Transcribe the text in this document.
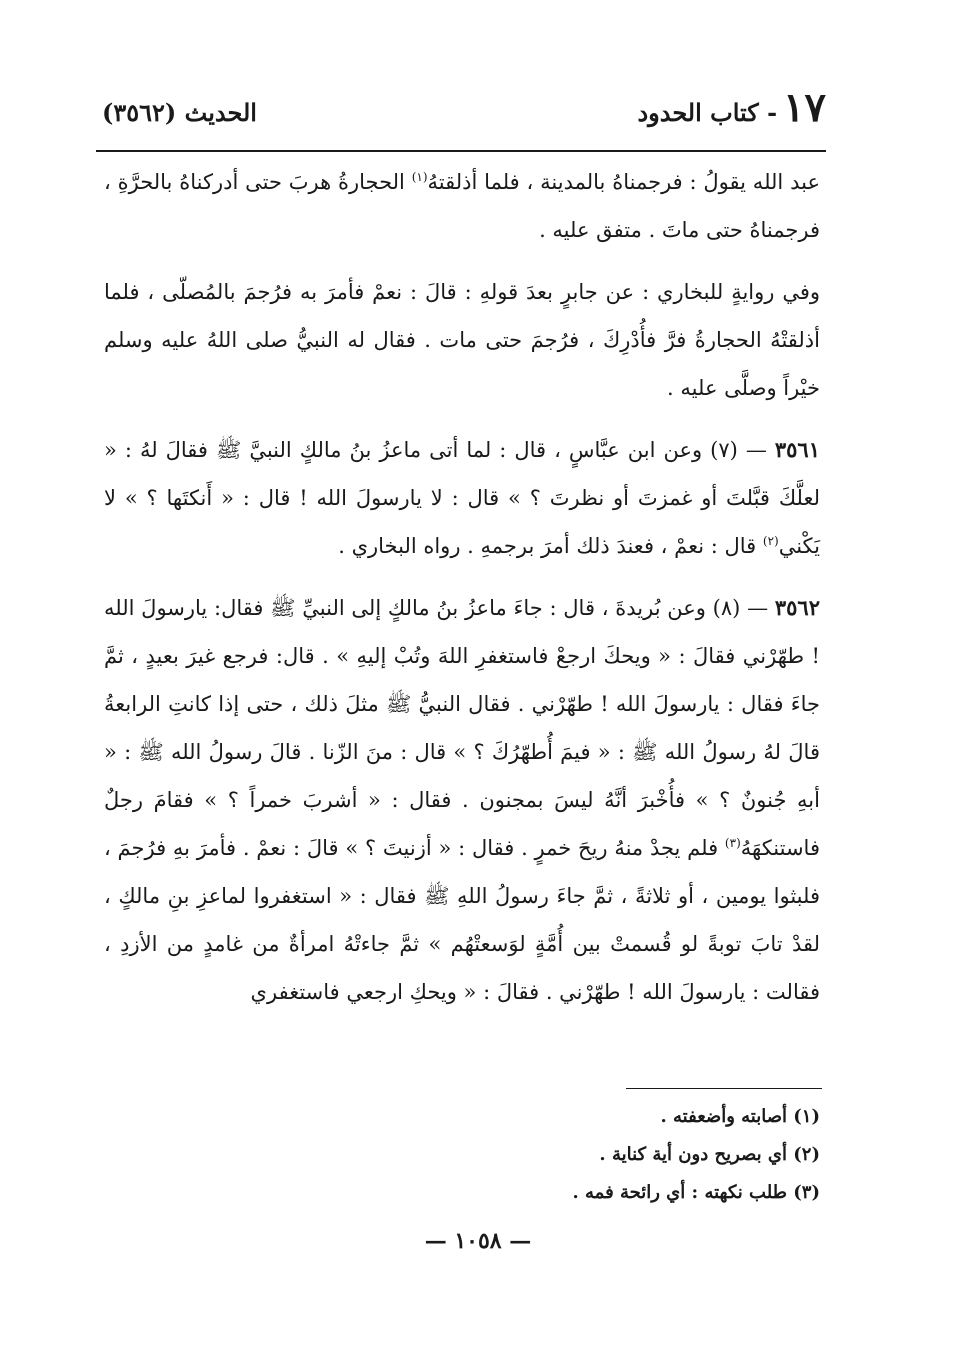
١٧
- كتاب الحدود
الحديث (٣٥٦٢)

عبد الله يقولُ : فرجمناهُ بالمدينة ، فلما أذلقتهُ$^{(١)}$ الحجارةُ هربَ حتى أدركناهُ بالحرَّةِ ، فرجمناهُ حتى ماتَ . متفق عليه .

وفي روايةٍ للبخاري : عن جابرٍ بعدَ قولهِ : قالَ : نعمْ فأمرَ به فرُجمَ بالمُصلّى ، فلما أذلقتْهُ الحجارةُ فرَّ فأُدْرِكَ ، فرُجمَ حتى مات . فقال له النبيُّ صلى اللهُ عليه وسلم خيْراً وصلَّى عليه .

٣٥٦١ — (٧) وعن ابن عبَّاسٍ ، قال : لما أتى ماعزُ بنُ مالكٍ النبيَّ ﷺ فقالَ لهُ : « لعلَّكَ قبَّلتَ أو غمزتَ أو نظرتَ ؟ » قال : لا يارسولَ الله ! قال : « أَنكتَها ؟ » لا يَكْني$^{(٢)}$ قال : نعمْ ، فعندَ ذلك أمرَ برجمهِ . رواه البخاري .

٣٥٦٢ — (٨) وعن بُريدةَ ، قال : جاءَ ماعزُ بنُ مالكٍ إلى النبيِّ ﷺ فقال: يارسولَ الله ! طهّرْني فقالَ : « ويحكَ ارجعْ فاستغفرِ اللهَ وتُبْ إليهِ » . قال: فرجع غيرَ بعيدٍ ، ثمَّ جاءَ فقال : يارسولَ الله ! طهّرْني . فقال النبيُّ ﷺ مثلَ ذلك ، حتى إذا كانتِ الرابعةُ قالَ لهُ رسولُ الله ﷺ : « فيمَ أُطهّرُكَ ؟ » قال : منَ الزّنا . قالَ رسولُ الله ﷺ : « أبهِ جُنونٌ ؟ » فأُخْبرَ أنَّهُ ليسَ بمجنون . فقال : « أشربَ خمراً ؟ » فقامَ رجلٌ فاستنكهَهُ$^{(٣)}$ فلم يجدْ منهُ ريحَ خمرٍ . فقال : « أزنيتَ ؟ » قالَ : نعمْ . فأمرَ بهِ فرُجمَ ، فلبثوا يومين ، أو ثلاثةً ، ثمَّ جاءَ رسولُ اللهِ ﷺ فقال : « استغفروا لماعزِ بنِ مالكٍ ، لقدْ تابَ توبةً لو قُسمتْ بين أُمَّةٍ لوَسعتْهُم » ثمَّ جاءتْهُ امرأةٌ من غامدٍ من الأزدِ ، فقالت : يارسولَ الله ! طهّرْني . فقالَ : « ويحكِ ارجعي فاستغفري

(١) أصابته وأضعفته .

(٢) أي بصريح دون أية كناية .

(٣) طلب نكهته : أي رائحة فمه .

— ١٠٥٨ —
